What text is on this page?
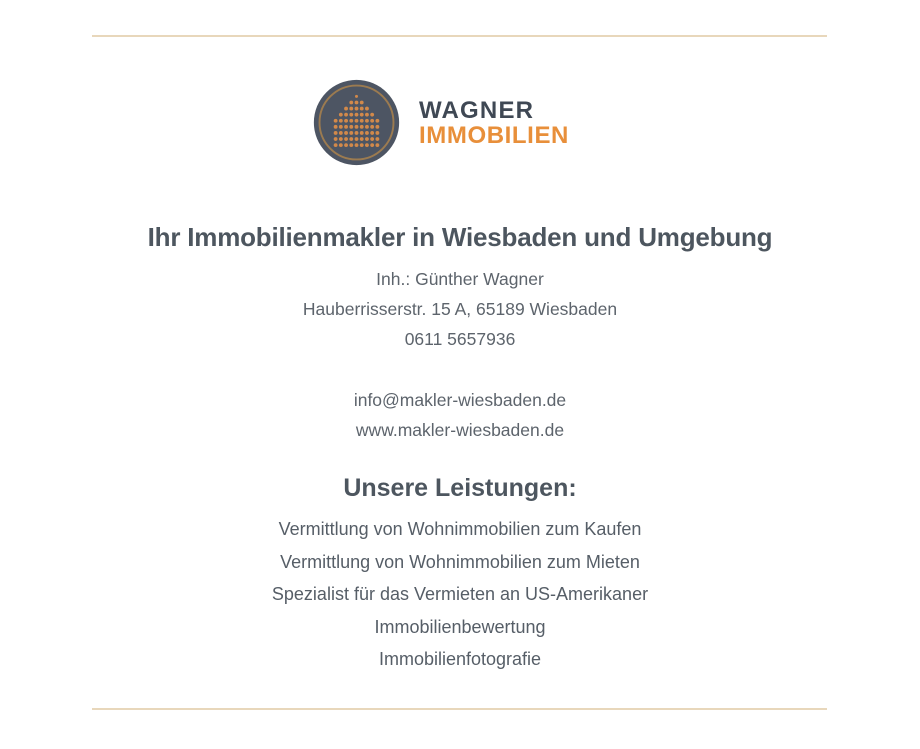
WAGNER
IMMOBILIEN
Ihr Immobilienmakler in Wiesbaden und Umgebung
Inh.: Günther Wagner
Hauberrisserstr. 15 A, 65189 Wiesbaden
0611 5657936
info@makler-wiesbaden.de
www.makler-wiesbaden.de
Unsere Leistungen:
Vermittlung von Wohnimmobilien zum Kaufen
Vermittlung von Wohnimmobilien zum Mieten
Spezialist für das Vermieten an US-Amerikaner
Immobilienbewertung
Immobilienfotografie
